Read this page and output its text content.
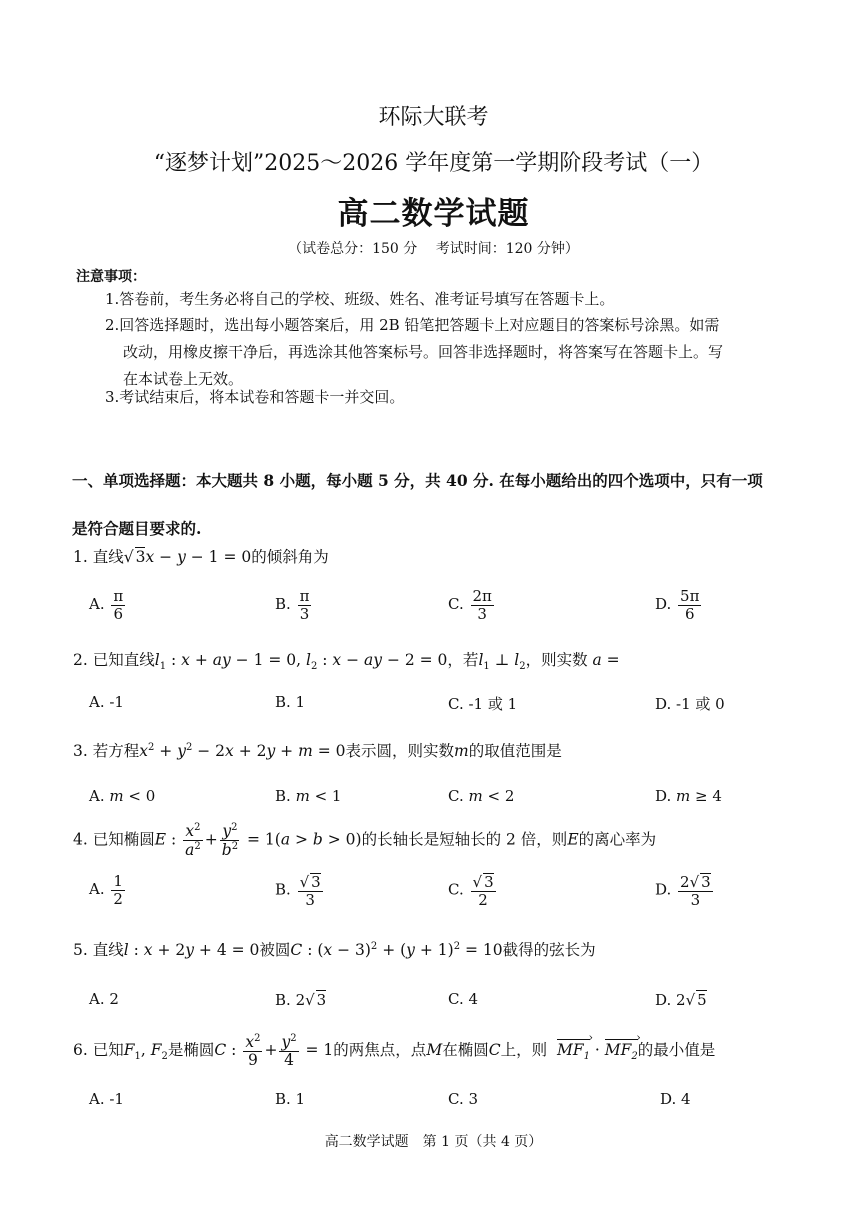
环际大联考
“逐梦计划”2025～2026 学年度第一学期阶段考试（一）
高二数学试题
（试卷总分：150 分　 考试时间：120 分钟）
注意事项：
1.答卷前，考生务必将自己的学校、班级、姓名、准考证号填写在答题卡上。
2.回答选择题时，选出每小题答案后，用 2B 铅笔把答题卡上对应题目的答案标号涂黑。如需
改动，用橡皮擦干净后，再选涂其他答案标号。回答非选择题时，将答案写在答题卡上。写
在本试卷上无效。
3.考试结束后，将本试卷和答题卡一并交回。
一、单项选择题：本大题共 8 小题，每小题 5 分，共 40 分. 在每小题给出的四个选项中，只有一项
是符合题目要求的.
1. 直线√ 3x − y − 1 = 0的倾斜角为
A. $\frac{\pi}{6}$	B. $\frac{\pi}{3}$	C. $\frac{2\pi}{3}$	D. $\frac{5\pi}{6}$
2. 已知直线$l_1$ : x + ay − 1 = 0, $l_2$ : x − ay − 2 = 0，若$l_1$ ⊥ $l_2$，则实数 a =
A. -1	B. 1	C. -1 或 1	D. -1 或 0
3. 若方程$x^2 + y^2 - 2x + 2y + m = 0$表示圆，则实数m的取值范围是
A. m < 0	B. m < 1	C. m < 2	D. m ≥ 4
4. 已知椭圆E : $\frac{x^2}{a^2} + \frac{y^2}{b^2} = 1(a > b > 0)$的长轴长是短轴长的 2 倍，则E的离心率为
A. $\frac{1}{2}$	B. $\frac{√ 3}{3}$	C. $\frac{√ 3}{2}$	D. $\frac{2√ 3}{3}$
5. 直线l : x + 2y + 4 = 0被圆C : $(x - 3)^2 + (y + 1)^2 = 10$截得的弦长为
A. 2	B. 2√ 3	C. 4	D. 2√ 5
6. 已知$F_1$, $F_2$是椭圆C : $\frac{x^2}{9} + \frac{y^2}{4} = 1$的两焦点，点M在椭圆C上，则 $MF_1$ › · $MF_2$ ›的最小值是
A. -1	B. 1	C. 3	D. 4
高二数学试题　第 1 页（共 4 页）
